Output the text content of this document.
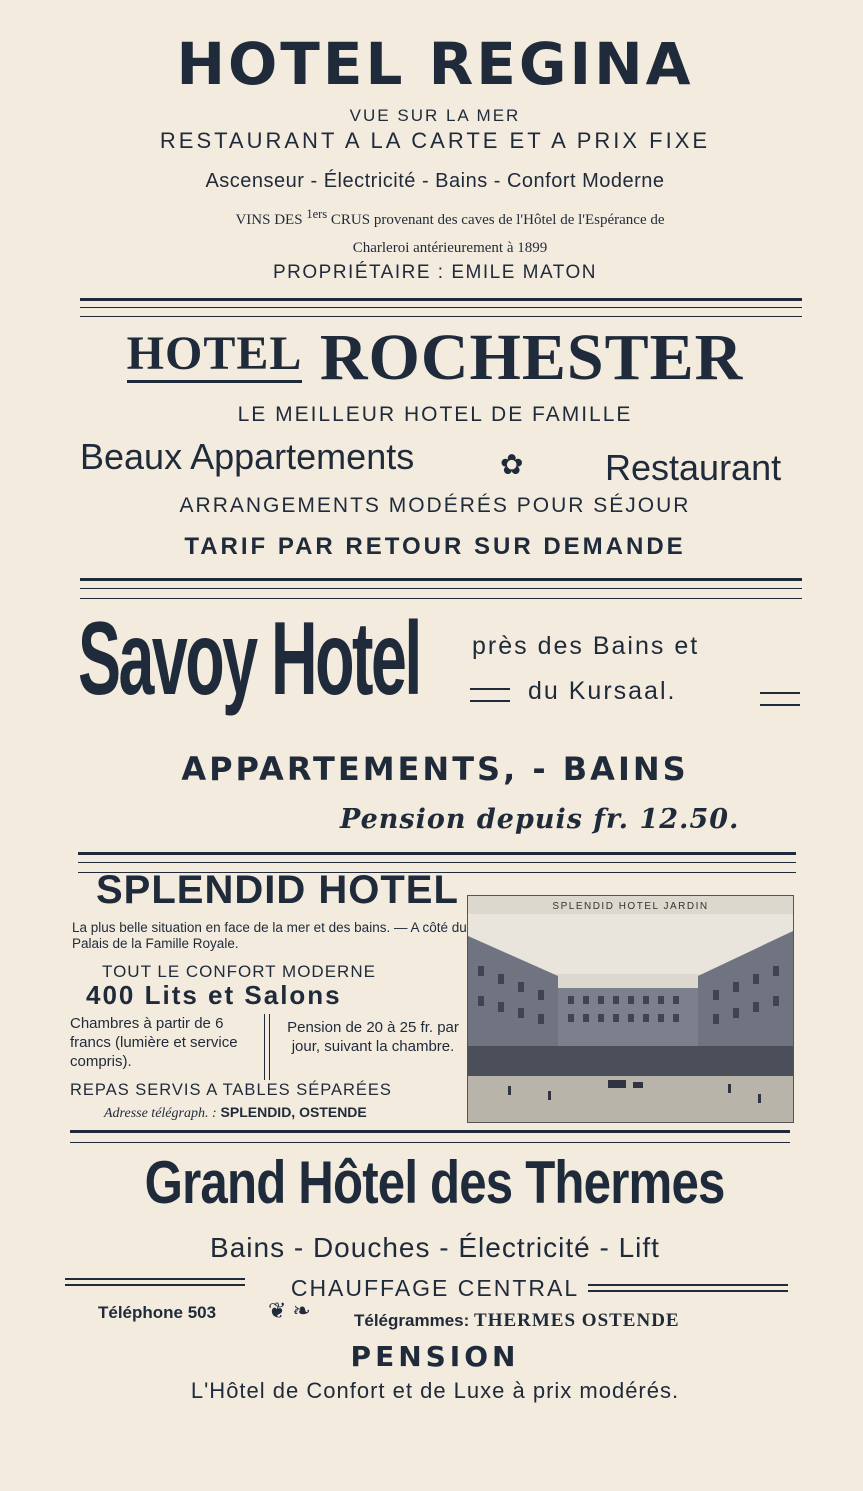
HOTEL REGINA
VUE SUR LA MER
RESTAURANT A LA CARTE ET A PRIX FIXE
Ascenseur - Électricité - Bains - Confort Moderne
VINS DES $^{1ers}$ CRUS provenant des caves de l'Hôtel de l'Espérance de
Charleroi antérieurement à 1899
PROPRIÉTAIRE : EMILE MATON
HOTEL ROCHESTER
LE MEILLEUR HOTEL DE FAMILLE
Beaux Appartements	✿ Restaurant
ARRANGEMENTS MODÉRÉS POUR SÉJOUR
TARIF PAR RETOUR SUR DEMANDE
Savoy Hotel près des Bains et
du Kursaal.
APPARTEMENTS, - BAINS
Pension depuis fr. 12.50.
SPLENDID HOTEL
La plus belle situation en face de la mer et des bains. — A côté du Palais de la Famille Royale.
TOUT LE CONFORT MODERNE
400 Lits et Salons
Chambres à partir de 6 francs (lumière et service compris).
Pension de 20 à 25 fr. par jour, suivant la chambre.
REPAS SERVIS A TABLES SÉPARÉES
Adresse télégraph. : SPLENDID, OSTENDE
SPLENDID HOTEL JARDIN
Grand Hôtel des Thermes
Bains - Douches - Électricité - Lift
CHAUFFAGE CENTRAL
Téléphone 503 ❦❧ Télégrammes: THERMES OSTENDE
PENSION
L'Hôtel de Confort et de Luxe à prix modérés.
